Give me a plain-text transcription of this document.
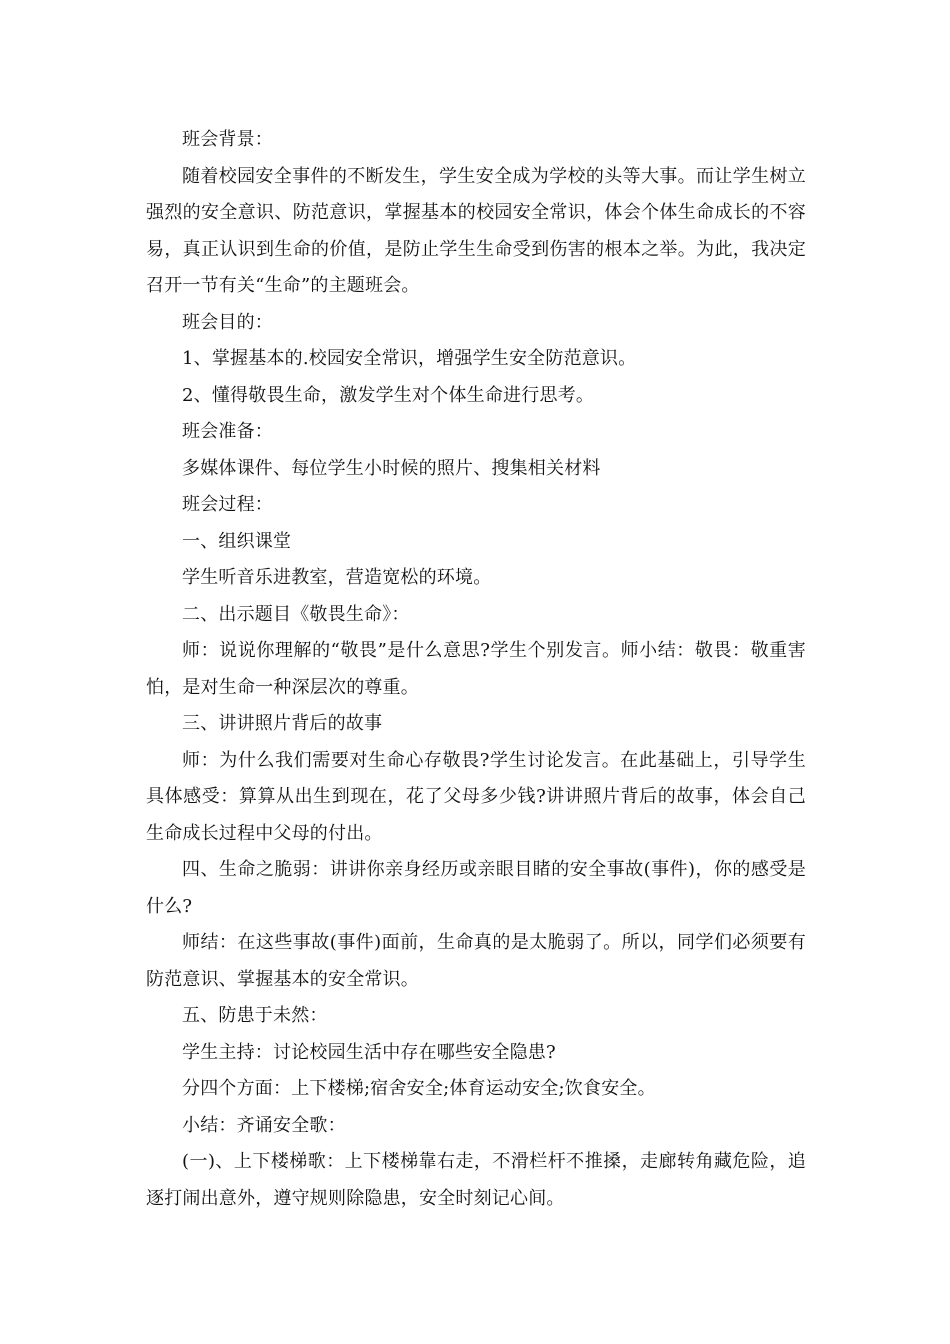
班会背景：

随着校园安全事件的不断发生，学生安全成为学校的头等大事。而让学生树立强烈的安全意识、防范意识，掌握基本的校园安全常识，体会个体生命成长的不容易，真正认识到生命的价值，是防止学生生命受到伤害的根本之举。为此，我决定召开一节有关“生命”的主题班会。

班会目的：

1、掌握基本的.校园安全常识，增强学生安全防范意识。

2、懂得敬畏生命，激发学生对个体生命进行思考。

班会准备：

多媒体课件、每位学生小时候的照片、搜集相关材料

班会过程：

一、组织课堂

学生听音乐进教室，营造宽松的环境。

二、出示题目《敬畏生命》：

师：说说你理解的“敬畏”是什么意思?学生个别发言。师小结：敬畏：敬重害怕，是对生命一种深层次的尊重。

三、讲讲照片背后的故事

师：为什么我们需要对生命心存敬畏?学生讨论发言。在此基础上，引导学生具体感受：算算从出生到现在，花了父母多少钱?讲讲照片背后的故事，体会自己生命成长过程中父母的付出。

四、生命之脆弱：讲讲你亲身经历或亲眼目睹的安全事故(事件)，你的感受是什么?

师结：在这些事故(事件)面前，生命真的是太脆弱了。所以，同学们必须要有防范意识、掌握基本的安全常识。

五、防患于未然：

学生主持：讨论校园生活中存在哪些安全隐患?

分四个方面：上下楼梯;宿舍安全;体育运动安全;饮食安全。

小结：齐诵安全歌：

(一)、上下楼梯歌：上下楼梯靠右走，不滑栏杆不推搡，走廊转角藏危险，追逐打闹出意外，遵守规则除隐患，安全时刻记心间。
